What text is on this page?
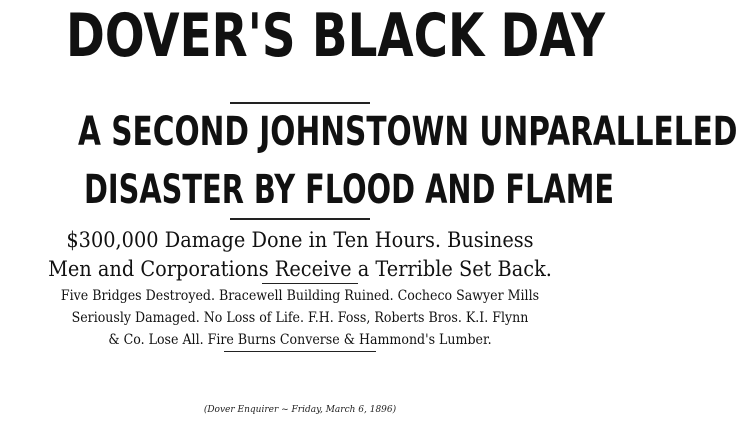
DOVER'S BLACK DAY
A SECOND JOHNSTOWN UNPARALLELED
DISASTER BY FLOOD AND FLAME
$300,000 Damage Done in Ten Hours. Business
Men and Corporations Receive a Terrible Set Back.
Five Bridges Destroyed. Bracewell Building Ruined. Cocheco Sawyer Mills
Seriously Damaged. No Loss of Life. F.H. Foss, Roberts Bros. K.I. Flynn
& Co. Lose All. Fire Burns Converse & Hammond's Lumber.
(Dover Enquirer ~ Friday, March 6, 1896)
